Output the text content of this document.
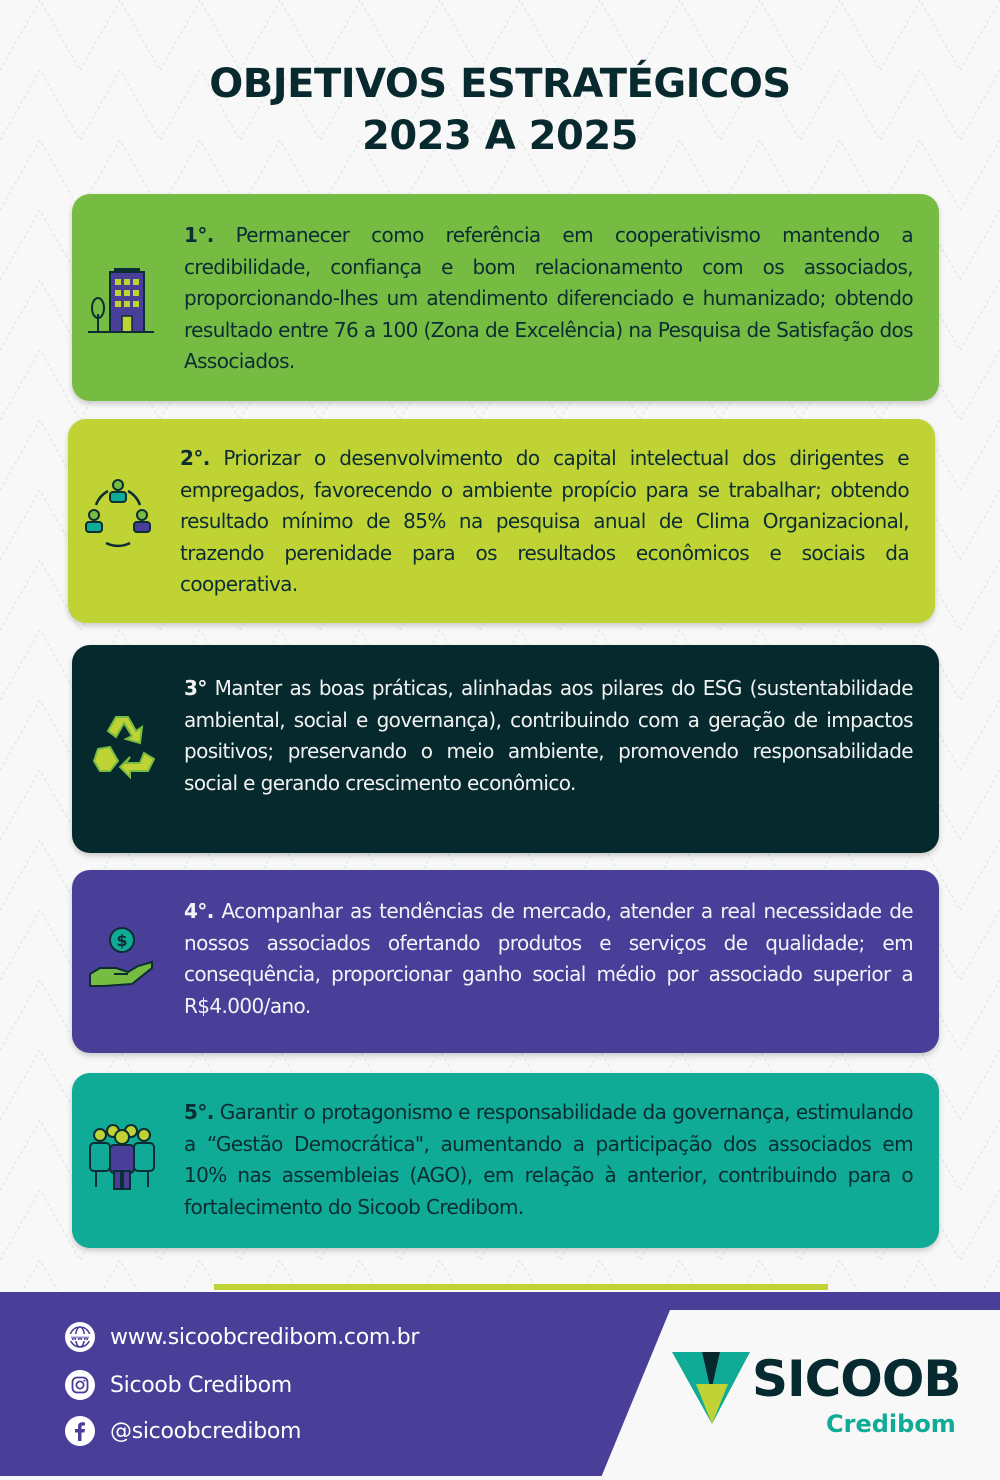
OBJETIVOS ESTRATÉGICOS
2023 A 2025
1°. Permanecer como referência em cooperativismo mantendo a credibilidade, confiança e bom relacionamento com os associados, proporcionando-lhes um atendimento diferenciado e humanizado; obtendo resultado entre 76 a 100 (Zona de Excelência) na Pesquisa de Satisfação dos Associados.
2°. Priorizar o desenvolvimento do capital intelectual dos dirigentes e empregados, favorecendo o ambiente propício para se trabalhar; obtendo resultado mínimo de 85% na pesquisa anual de Clima Organizacional, trazendo perenidade para os resultados econômicos e sociais da cooperativa.
3° Manter as boas práticas, alinhadas aos pilares do ESG (sustentabilidade ambiental, social e governança), contribuindo com a geração de impactos positivos; preservando o meio ambiente, promovendo responsabilidade social e gerando crescimento econômico.
$
4°. Acompanhar as tendências de mercado, atender a real necessidade de nossos associados ofertando produtos e serviços de qualidade; em consequência, proporcionar ganho social médio por associado superior a R$4.000/ano.
5°. Garantir o protagonismo e responsabilidade da governança, estimulando a “Gestão Democrática", aumentando a participação dos associados em 10% nas assembleias (AGO), em relação à anterior, contribuindo para o fortalecimento do Sicoob Credibom.
www www.sicoobcredibom.com.br
Sicoob Credibom
@sicoobcredibom
SICOOB
Credibom
